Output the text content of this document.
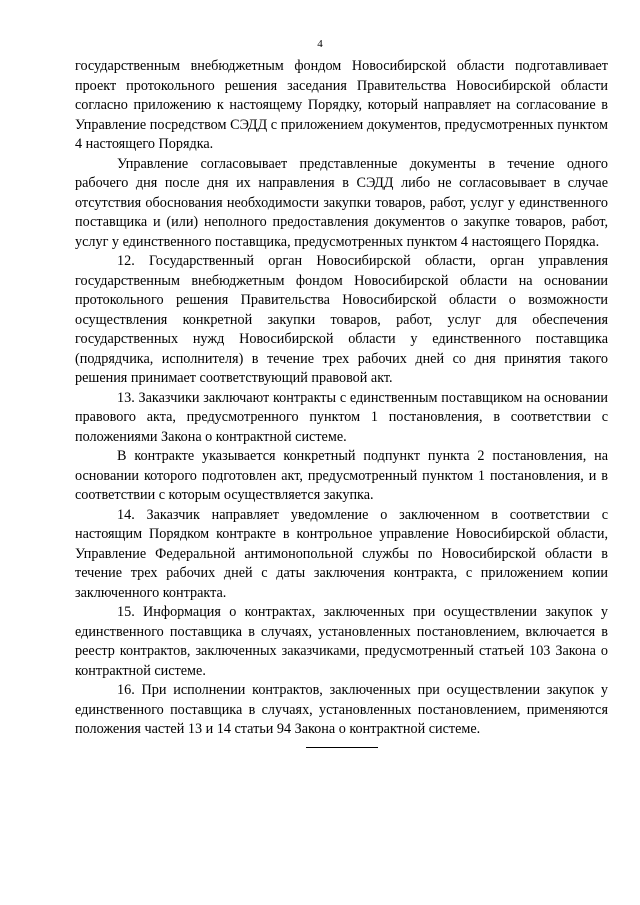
4

государственным внебюджетным фондом Новосибирской области подготавливает проект протокольного решения заседания Правительства Новосибирской области согласно приложению к настоящему Порядку, который направляет на согласование в Управление посредством СЭДД с приложением документов, предусмотренных пунктом 4 настоящего Порядка.

Управление согласовывает представленные документы в течение одного рабочего дня после дня их направления в СЭДД либо не согласовывает в случае отсутствия обоснования необходимости закупки товаров, работ, услуг у единственного поставщика и (или) неполного предоставления документов о закупке товаров, работ, услуг у единственного поставщика, предусмотренных пунктом 4 настоящего Порядка.

12. Государственный орган Новосибирской области, орган управления государственным внебюджетным фондом Новосибирской области на основании протокольного решения Правительства Новосибирской области о возможности осуществления конкретной закупки товаров, работ, услуг для обеспечения государственных нужд Новосибирской области у единственного поставщика (подрядчика, исполнителя) в течение трех рабочих дней со дня принятия такого решения принимает соответствующий правовой акт.

13. Заказчики заключают контракты с единственным поставщиком на основании правового акта, предусмотренного пунктом 1 постановления, в соответствии с положениями Закона о контрактной системе.

В контракте указывается конкретный подпункт пункта 2 постановления, на основании которого подготовлен акт, предусмотренный пунктом 1 постановления, и в соответствии с которым осуществляется закупка.

14. Заказчик направляет уведомление о заключенном в соответствии с настоящим Порядком контракте в контрольное управление Новосибирской области, Управление Федеральной антимонопольной службы по Новосибирской области в течение трех рабочих дней с даты заключения контракта, с приложением копии заключенного контракта.

15. Информация о контрактах, заключенных при осуществлении закупок у единственного поставщика в случаях, установленных постановлением, включается в реестр контрактов, заключенных заказчиками, предусмотренный статьей 103 Закона о контрактной системе.

16. При исполнении контрактов, заключенных при осуществлении закупок у единственного поставщика в случаях, установленных постановлением, применяются положения частей 13 и 14 статьи 94 Закона о контрактной системе.
